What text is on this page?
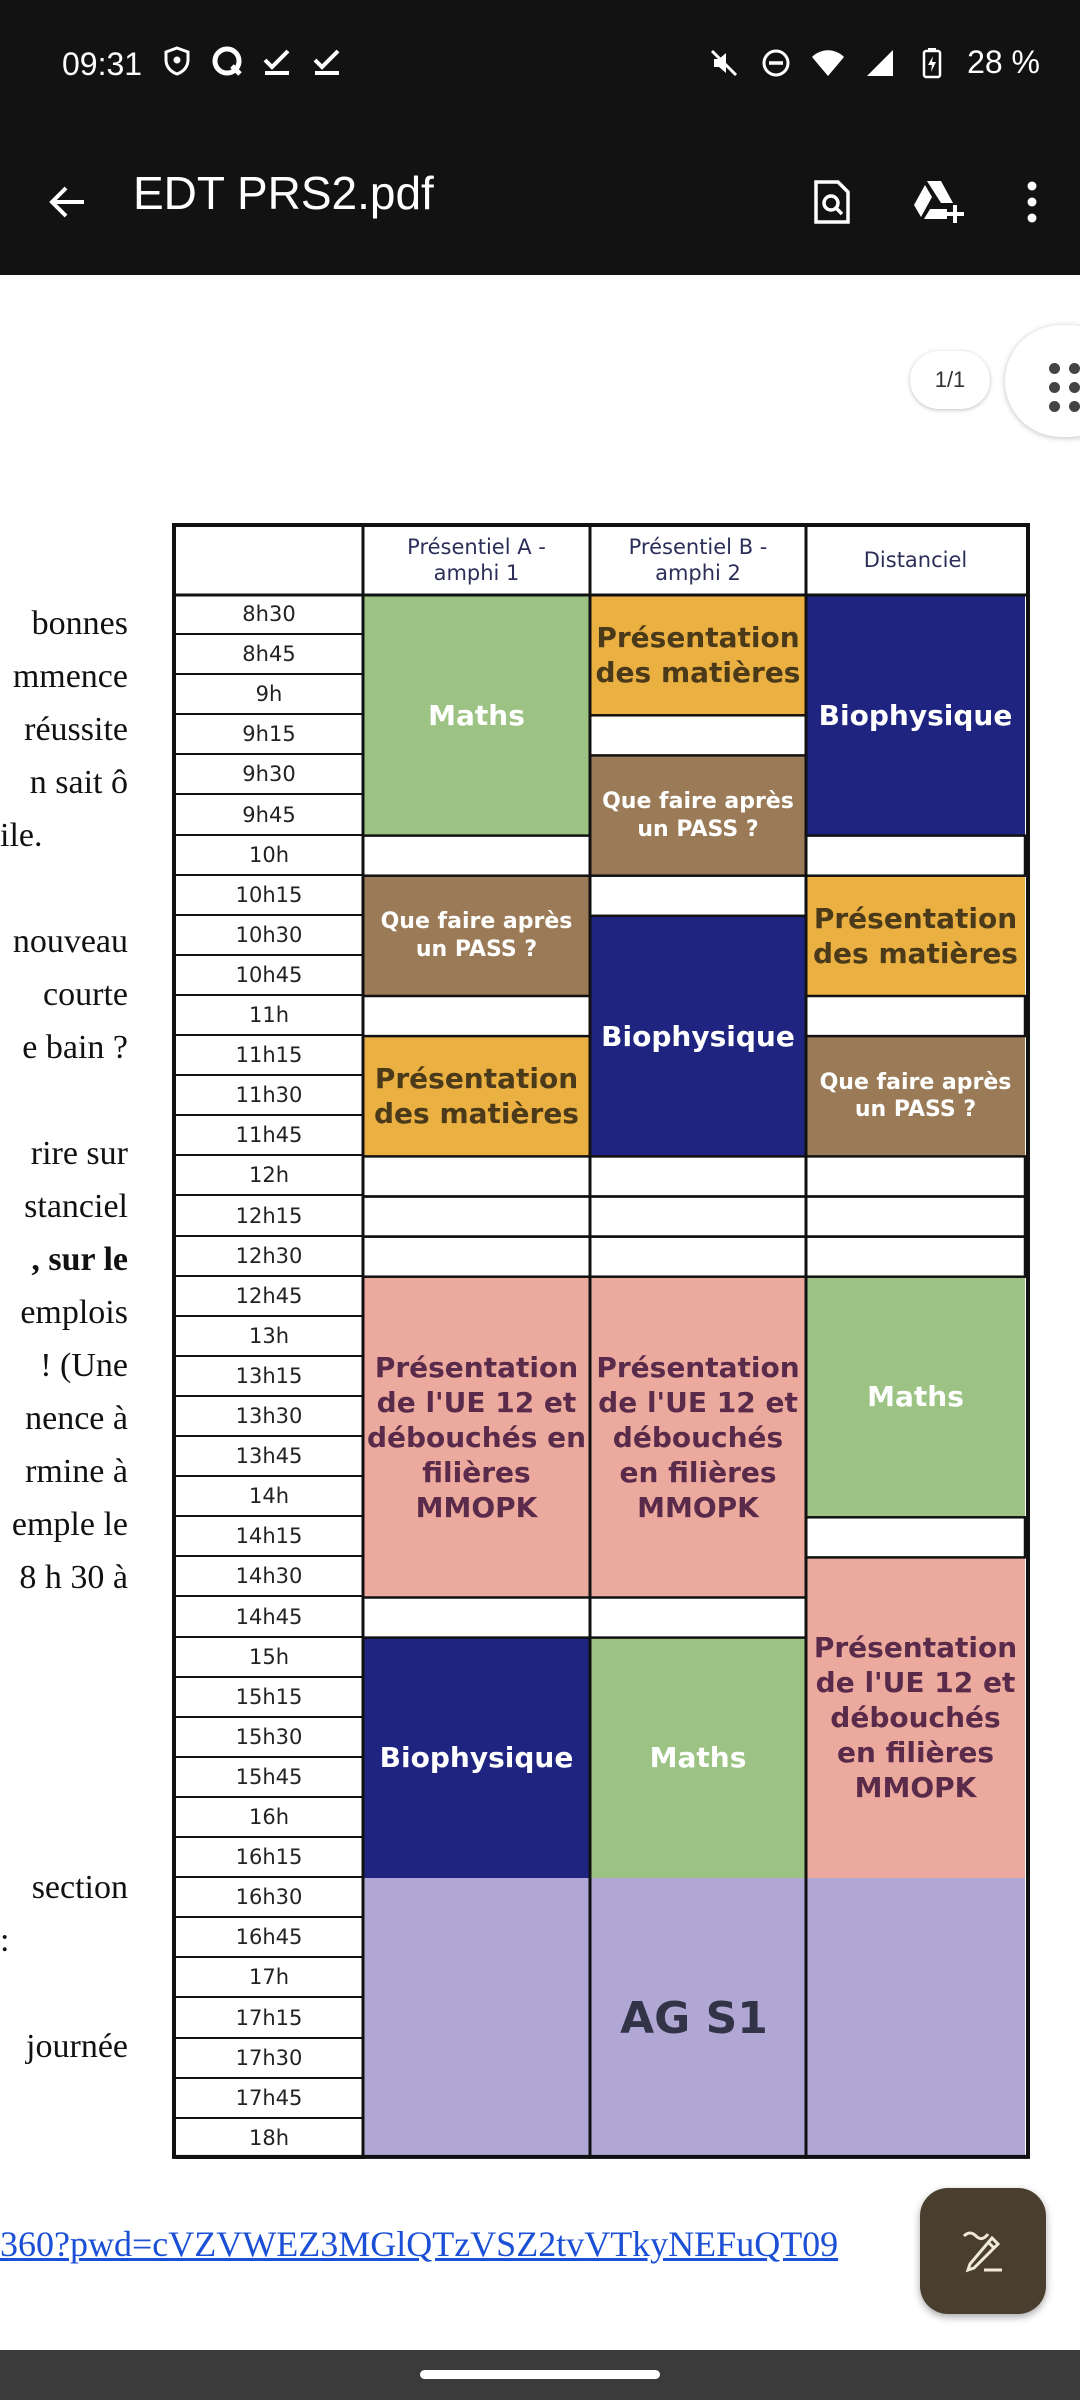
09:31	28 %
EDT PRS2.pdf
1/1
bonnes
mmence
réussite
n sait ô
ile.
nouveau
courte
e bain ?
rire sur
stanciel
, sur le
emplois
! (Une
nence à
rmine à
emple le
8 h 30 à
section
:
journée
Présentiel A -
amphi 1
Présentiel B -
amphi 2
Distanciel
8h30
8h45
9h
9h15
9h30
9h45
10h
10h15
10h30
10h45
11h
11h15
11h30
11h45
12h
12h15
12h30
12h45
13h
13h15
13h30
13h45
14h
14h15
14h30
14h45
15h
15h15
15h30
15h45
16h
16h15
16h30
16h45
17h
17h15
17h30
17h45
18h
Maths
Que faire après
un PASS ?
Présentation
des matières
Présentation
de l'UE 12 et
débouchés en
filières
MMOPK
Biophysique
Présentation
des matières
Que faire après
un PASS ?
Biophysique
Présentation
de l'UE 12 et
débouchés
en filières
MMOPK
Maths
Biophysique
Présentation
des matières
Que faire après
un PASS ?
Maths
Présentation
de l'UE 12 et
débouchés
en filières
MMOPK
AG S1
360?pwd=cVZVWEZ3MGlQTzVSZ2tvVTkyNEFuQT09
